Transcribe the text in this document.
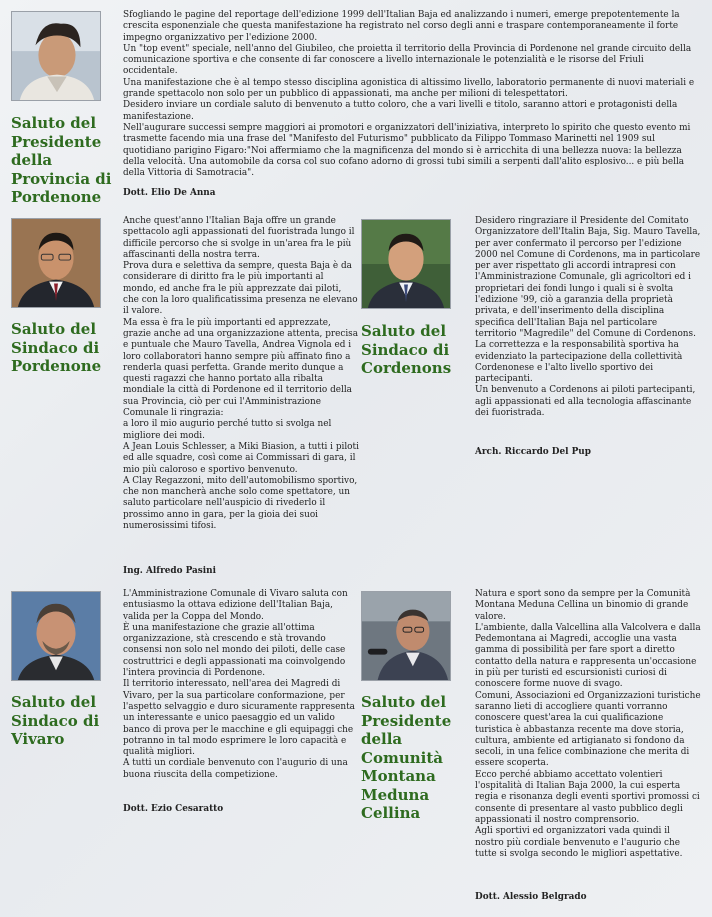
Saluto del
Presidente
della
Provincia di
Pordenone

Sfogliando le pagine del reportage dell'edizione 1999 dell'Italian Baja ed analizzando i numeri, emerge prepotentemente la crescita esponenziale che questa manifestazione ha registrato nel corso degli anni e traspare contemporaneamente il forte impegno organizzativo per l'edizione 2000.

Un "top event" speciale, nell'anno del Giubileo, che proietta il territorio della Provincia di Pordenone nel grande circuito della comunicazione sportiva e che consente di far conoscere a livello internazionale le potenzialità e le risorse del Friuli occidentale.

Una manifestazione che è al tempo stesso disciplina agonistica di altissimo livello, laboratorio permanente di nuovi materiali e grande spettacolo non solo per un pubblico di appassionati, ma anche per milioni di telespettatori.

Desidero inviare un cordiale saluto di benvenuto a tutto coloro, che a vari livelli e titolo, saranno attori e protagonisti della manifestazione.

Nell'augurare successi sempre maggiori ai promotori e organizzatori dell'iniziativa, interpreto lo spirito che questo evento mi trasmette facendo mia una frase del "Manifesto del Futurismo" pubblicato da Filippo Tommaso Marinetti nel 1909 sul quotidiano parigino Figaro:"Noi affermiamo che la magnificenza del mondo si è arricchita di una bellezza nuova: la bellezza della velocità. Una automobile da corsa col suo cofano adorno di grossi tubi simili a serpenti dall'alito esplosivo... e più bella della Vittoria di Samotracia".

Dott. Elio De Anna
Saluto del
Sindaco di
Pordenone

Anche quest'anno l'Italian Baja offre un grande spettacolo agli appassionati del fuoristrada lungo il difficile percorso che si svolge in un'area fra le più affascinanti della nostra terra.

Prova dura e selettiva da sempre, questa Baja è da considerare di diritto fra le più importanti al mondo, ed anche fra le più apprezzate dai piloti, che con la loro qualificatissima presenza ne elevano il valore.

Ma essa è fra le più importanti ed apprezzate, grazie anche ad una organizzazione attenta, precisa e puntuale che Mauro Tavella, Andrea Vignola ed i loro collaboratori hanno sempre più affinato fino a renderla quasi perfetta. Grande merito dunque a questi ragazzi che hanno portato alla ribalta mondiale la città di Pordenone ed il territorio della sua Provincia, ciò per cui l'Amministrazione Comunale li ringrazia:

a loro il mio augurio perché tutto si svolga nel migliore dei modi.

A Jean Louis Schlesser, a Miki Biasion, a tutti i piloti ed alle squadre, così come ai Commissari di gara, il mio più caloroso e sportivo benvenuto.

A Clay Regazzoni, mito dell'automobilismo sportivo, che non mancherà anche solo come spettatore, un saluto particolare nell'auspicio di rivederlo il prossimo anno in gara, per la gioia dei suoi numerosissimi tifosi.

Ing. Alfredo Pasini
Saluto del
Sindaco di
Cordenons

Desidero ringraziare il Presidente del Comitato Organizzatore dell'Italin Baja, Sig. Mauro Tavella, per aver confermato il percorso per l'edizione 2000 nel Comune di Cordenons, ma in particolare per aver rispettato gli accordi intrapresi con l'Amministrazione Comunale, gli agricoltori ed i proprietari dei fondi lungo i quali si è svolta l'edizione '99, ciò a garanzia della proprietà privata, e dell'inserimento della disciplina specifica dell'Italian Baja nel particolare territorio "Magredile" del Comune di Cordenons.

La correttezza e la responsabilità sportiva ha evidenziato la partecipazione della collettività Cordenonese e l'alto livello sportivo dei partecipanti.

Un benvenuto a Cordenons ai piloti partecipanti, agli appassionati ed alla tecnologia affascinante dei fuoristrada.

Arch. Riccardo Del Pup
Saluto del
Sindaco di
Vivaro

L'Amministrazione Comunale di Vivaro saluta con entusiasmo la ottava edizione dell'Italian Baja, valida per la Coppa del Mondo.

È una manifestazione che grazie all'ottima organizzazione, stà crescendo e stà trovando consensi non solo nel mondo dei piloti, delle case costruttrici e degli appassionati ma coinvolgendo l'intera provincia di Pordenone.

Il territorio interessato, nell'area dei Magredi di Vivaro, per la sua particolare conformazione, per l'aspetto selvaggio e duro sicuramente rappresenta un interessante e unico paesaggio ed un valido banco di prova per le macchine e gli equipaggi che potranno in tal modo esprimere le loro capacità e qualità migliori.

A tutti un cordiale benvenuto con l'augurio di una buona riuscita della competizione.

Dott. Ezio Cesaratto
Saluto del
Presidente
della
Comunità
Montana
Meduna
Cellina

Natura e sport sono da sempre per la Comunità Montana Meduna Cellina un binomio di grande valore.

L'ambiente, dalla Valcellina alla Valcolvera e dalla Pedemontana ai Magredi, accoglie una vasta gamma di possibilità per fare sport a diretto contatto della natura e rappresenta un'occasione in più per turisti ed escursionisti curiosi di conoscere forme nuove di svago.

Comuni, Associazioni ed Organizzazioni turistiche saranno lieti di accogliere quanti vorranno conoscere quest'area la cui qualificazione turistica è abbastanza recente ma dove storia, cultura, ambiente ed artigianato si fondono da secoli, in una felice combinazione che merita di essere scoperta.

Ecco perché abbiamo accettato volentieri l'ospitalità di Italian Baja 2000, la cui esperta regia e risonanza degli eventi sportivi promossi ci consente di presentare al vasto pubblico degli appassionati il nostro comprensorio.

Agli sportivi ed organizzatori vada quindi il nostro più cordiale benvenuto e l'augurio che tutte si svolga secondo le migliori aspettative.

Dott. Alessio Belgrado
